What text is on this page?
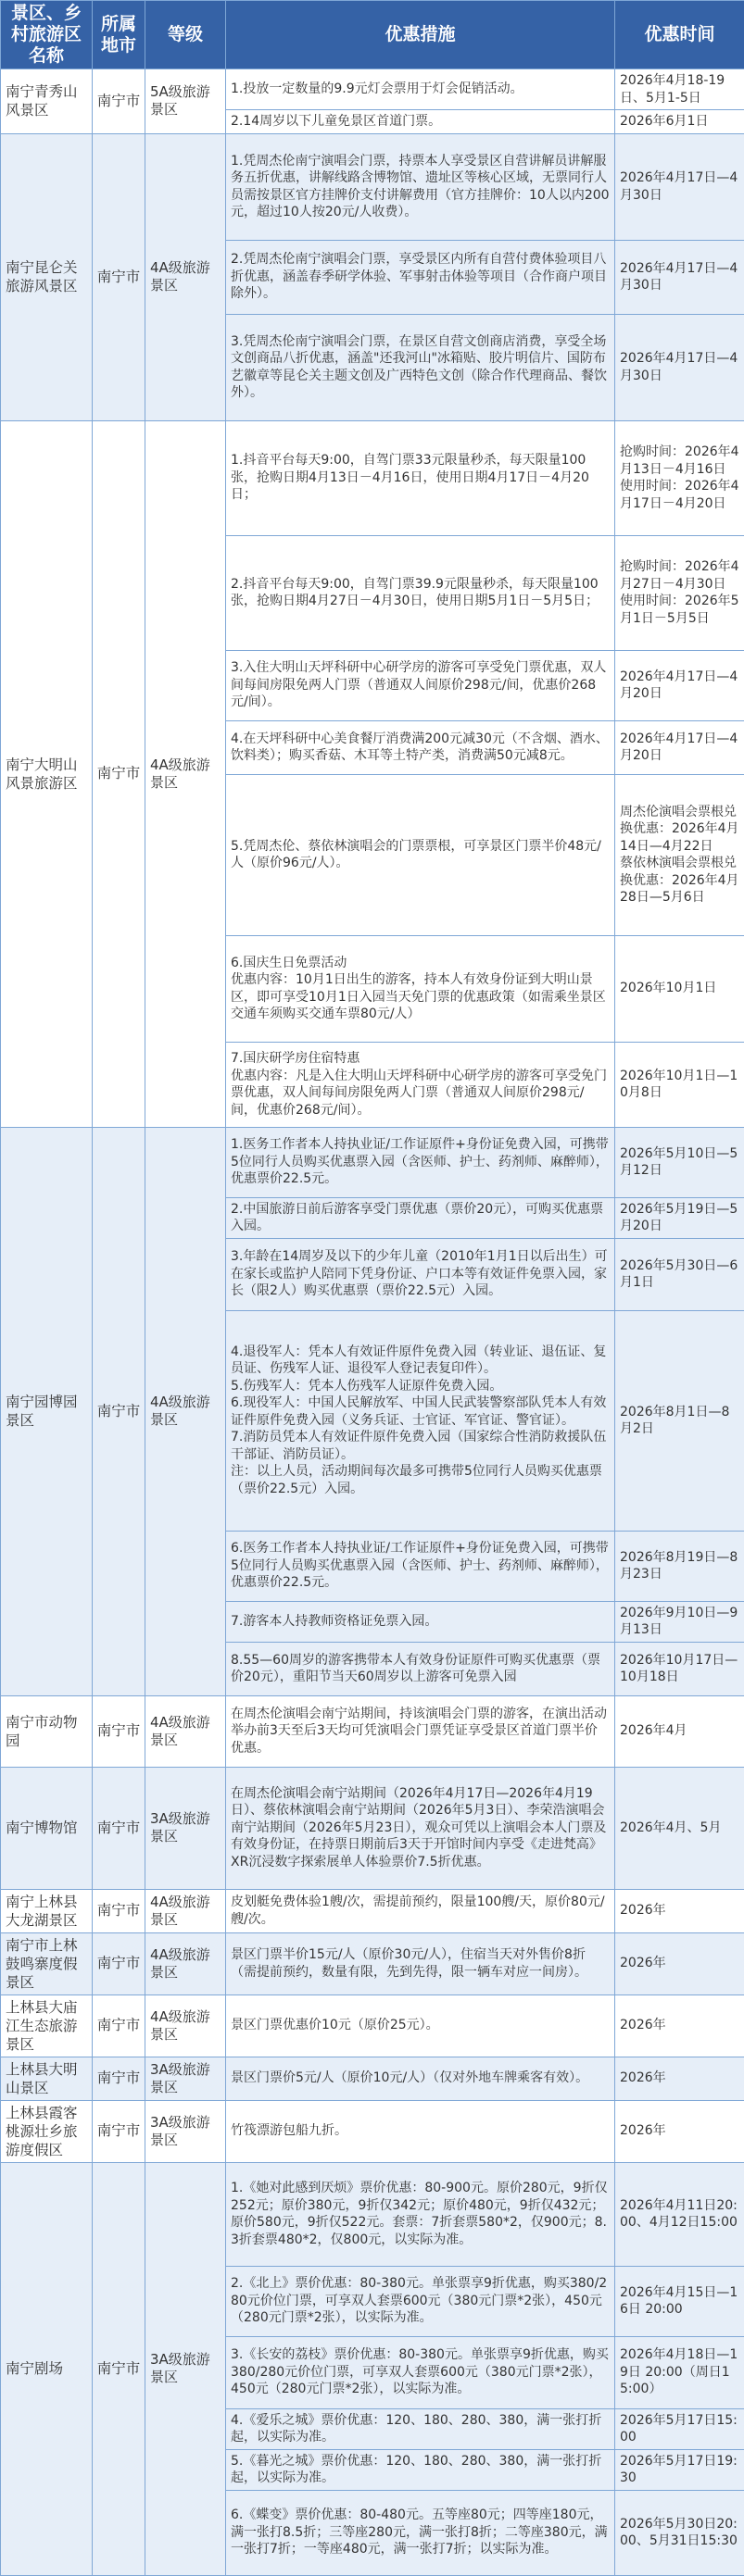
景区、乡村旅游区名称	所属地市	等级	优惠措施	优惠时间
南宁青秀山风景区	南宁市	5A级旅游景区	1.投放一定数量的9.9元灯会票用于灯会促销活动。	2026年4月18-19日、5月1-5日
			2.14周岁以下儿童免景区首道门票。	2026年6月1日
南宁昆仑关旅游风景区	南宁市	4A级旅游景区	1.凭周杰伦南宁演唱会门票，持票本人享受景区自营讲解员讲解服务五折优惠，讲解线路含博物馆、遗址区等核心区域，无票同行人员需按景区官方挂牌价支付讲解费用（官方挂牌价：10人以内200元，超过10人按20元/人收费）。	2026年4月17日—4月30日
			2.凭周杰伦南宁演唱会门票，享受景区内所有自营付费体验项目八折优惠，涵盖春季研学体验、军事射击体验等项目（合作商户项目除外）。	2026年4月17日—4月30日
			3.凭周杰伦南宁演唱会门票，在景区自营文创商店消费，享受全场文创商品八折优惠，涵盖"还我河山"冰箱贴、胶片明信片、国防布艺徽章等昆仑关主题文创及广西特色文创（除合作代理商品、餐饮外）。	2026年4月17日—4月30日
南宁大明山风景旅游区	南宁市	4A级旅游景区	1.抖音平台每天9:00，自驾门票33元限量秒杀，每天限量100张，抢购日期4月13日－4月16日，使用日期4月17日－4月20日；	抢购时间：2026年4月13日－4月16日
使用时间：2026年4月17日－4月20日
			2.抖音平台每天9:00，自驾门票39.9元限量秒杀，每天限量100张，抢购日期4月27日－4月30日，使用日期5月1日－5月5日；	抢购时间：2026年4月27日－4月30日
使用时间：2026年5月1日－5月5日
			3.入住大明山天坪科研中心研学房的游客可享受免门票优惠，双人间每间房限免两人门票（普通双人间原价298元/间，优惠价268元/间）。	2026年4月17日—4月20日
			4.在天坪科研中心美食餐厅消费满200元减30元（不含烟、酒水、饮料类）；购买香菇、木耳等土特产类，消费满50元减8元。	2026年4月17日—4月20日
			5.凭周杰伦、蔡依林演唱会的门票票根，可享景区门票半价48元/人（原价96元/人）。	周杰伦演唱会票根兑换优惠：2026年4月14日—4月22日
蔡依林演唱会票根兑换优惠：2026年4月28日—5月6日
			6.国庆生日免票活动
优惠内容：10月1日出生的游客，持本人有效身份证到大明山景区，即可享受10月1日入园当天免门票的优惠政策（如需乘坐景区交通车须购买交通车票80元/人）	2026年10月1日
			7.国庆研学房住宿特惠
优惠内容：凡是入住大明山天坪科研中心研学房的游客可享受免门票优惠，双人间每间房限免两人门票（普通双人间原价298元/间，优惠价268元/间）。	2026年10月1日—10月8日
南宁园博园景区	南宁市	4A级旅游景区	1.医务工作者本人持执业证/工作证原件+身份证免费入园，可携带5位同行人员购买优惠票入园（含医师、护士、药剂师、麻醉师），优惠票价22.5元。	2026年5月10日—5月12日
			2.中国旅游日前后游客享受门票优惠（票价20元），可购买优惠票入园。	2026年5月19日—5月20日
			3.年龄在14周岁及以下的少年儿童（2010年1月1日以后出生）可在家长或监护人陪同下凭身份证、户口本等有效证件免票入园，家长（限2人）购买优惠票（票价22.5元）入园。	2026年5月30日—6月1日
			4.退役军人：凭本人有效证件原件免费入园（转业证、退伍证、复员证、伤残军人证、退役军人登记表复印件）。
5.伤残军人：凭本人伤残军人证原件免费入园。
6.现役军人：中国人民解放军、中国人民武装警察部队凭本人有效证件原件免费入园（义务兵证、士官证、军官证、警官证）。
7.消防员凭本人有效证件原件免费入园（国家综合性消防救援队伍干部证、消防员证）。
注：以上人员，活动期间每次最多可携带5位同行人员购买优惠票（票价22.5元）入园。	2026年8月1日—8月2日
			6.医务工作者本人持执业证/工作证原件+身份证免费入园，可携带5位同行人员购买优惠票入园（含医师、护士、药剂师、麻醉师），优惠票价22.5元。	2026年8月19日—8月23日
			7.游客本人持教师资格证免票入园。	2026年9月10日—9月13日
			8.55—60周岁的游客携带本人有效身份证原件可购买优惠票（票价20元），重阳节当天60周岁以上游客可免票入园	2026年10月17日—10月18日
南宁市动物园	南宁市	4A级旅游景区	在周杰伦演唱会南宁站期间，持该演唱会门票的游客，在演出活动举办前3天至后3天均可凭演唱会门票凭证享受景区首道门票半价优惠。	2026年4月
南宁博物馆	南宁市	3A级旅游景区	在周杰伦演唱会南宁站期间（2026年4月17日—2026年4月19日）、蔡依林演唱会南宁站期间（2026年5月3日）、李荣浩演唱会南宁站期间（2026年5月23日），观众可凭以上演唱会本人门票及有效身份证，在持票日期前后3天于开馆时间内享受《走进梵高》XR沉浸数字探索展单人体验票价7.5折优惠。	2026年4月、5月
南宁上林县大龙湖景区	南宁市	4A级旅游景区	皮划艇免费体验1艘/次，需提前预约，限量100艘/天，原价80元/艘/次。	2026年
南宁市上林鼓鸣寨度假景区	南宁市	4A级旅游景区	景区门票半价15元/人（原价30元/人），住宿当天对外售价8折（需提前预约，数量有限，先到先得，限一辆车对应一间房）。	2026年
上林县大庙江生态旅游景区	南宁市	4A级旅游景区	景区门票优惠价10元（原价25元）。	2026年
上林县大明山景区	南宁市	3A级旅游景区	景区门票价5元/人（原价10元/人）（仅对外地车牌乘客有效）。	2026年
上林县霞客桃源壮乡旅游度假区	南宁市	3A级旅游景区	竹筏漂游包船九折。	2026年
南宁剧场	南宁市	3A级旅游景区	1.《她对此感到厌烦》票价优惠：80-900元。原价280元，9折仅252元；原价380元，9折仅342元；原价480元，9折仅432元；原价580元，9折仅522元。套票：7折套票580*2，仅900元；8.3折套票480*2，仅800元，以实际为准。	2026年4月11日20:00、4月12日15:00
			2.《北上》票价优惠：80-380元。单张票享9折优惠，购买380/280元价位门票，可享双人套票600元（380元门票*2张），450元（280元门票*2张），以实际为准。	2026年4月15日—16日 20:00
			3.《长安的荔枝》票价优惠：80-380元。单张票享9折优惠，购买380/280元价位门票，可享双人套票600元（380元门票*2张），450元（280元门票*2张），以实际为准。	2026年4月18日—19日 20:00（周日15:00）
			4.《爱乐之城》票价优惠：120、180、280、380，满一张打折起，以实际为准。	2026年5月17日15:00
			5.《暮光之城》票价优惠：120、180、280、380，满一张打折起，以实际为准。	2026年5月17日19:30
			6.《蝶变》票价优惠：80-480元。五等座80元；四等座180元，满一张打8.5折；三等座280元，满一张打8折；二等座380元，满一张打7折；一等座480元，满一张打7折；以实际为准。	2026年5月30日20:00、5月31日15:30
